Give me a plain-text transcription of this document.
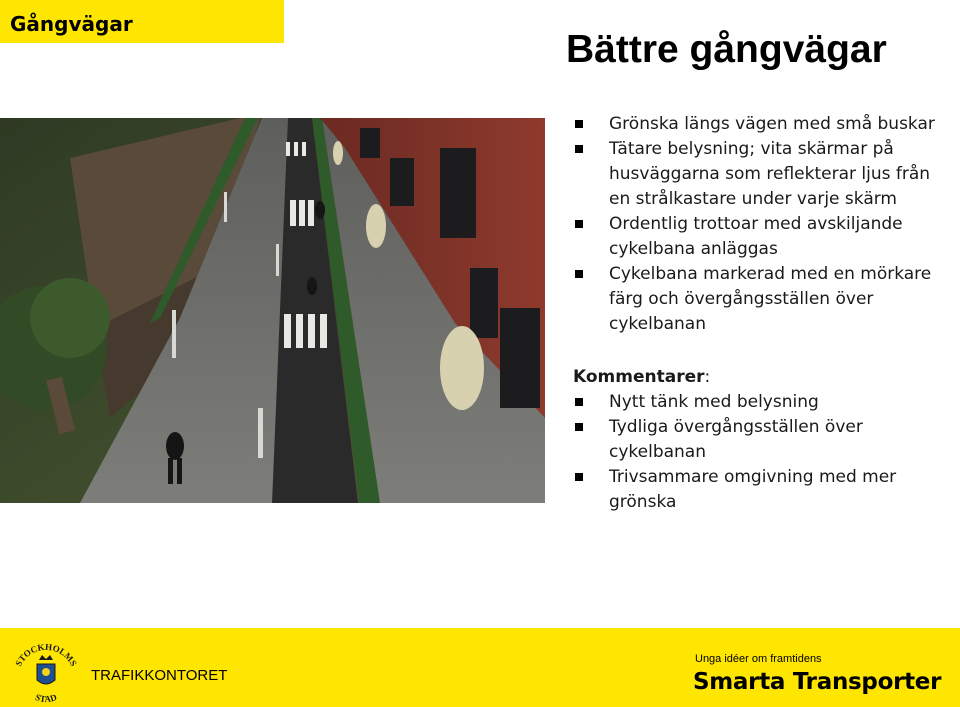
Gångvägar
Bättre gångvägar
Grönska längs vägen med små buskar
Tätare belysning; vita skärmar på husväggarna som reflekterar ljus från en strålkastare under varje skärm
Ordentlig trottoar med avskiljande cykelbana anläggas
Cykelbana markerad med en mörkare färg och övergångsställen över cykelbanan
Kommentarer:
Nytt tänk med belysning
Tydliga övergångsställen över cykelbanan
Trivsammare omgivning med mer grönska
STOCKHOLMS
STAD
TRAFIKKONTORET
Unga idéer om framtidens
Smarta Transporter
